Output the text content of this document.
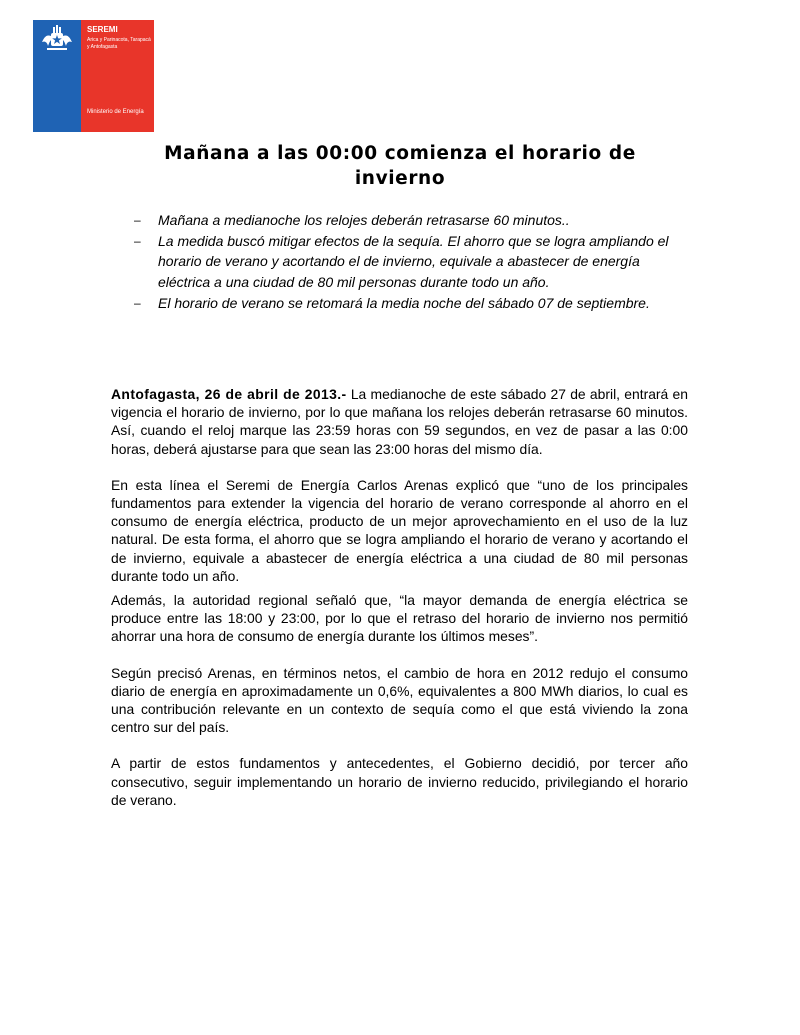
SEREMI
Arica y Parinacota, Tarapacá y Antofagasta
Ministerio de Energía
Mañana a las 00:00 comienza el horario de invierno
– Mañana a medianoche los relojes deberán retrasarse 60 minutos..
– La medida buscó mitigar efectos de la sequía. El ahorro que se logra ampliando el horario de verano y acortando el de invierno, equivale a abastecer de energía eléctrica a una ciudad de 80 mil personas durante todo un año.
– El horario de verano se retomará la media noche del sábado 07 de septiembre.

Antofagasta, 26 de abril de 2013.- La medianoche de este sábado 27 de abril, entrará en vigencia el horario de invierno, por lo que mañana los relojes deberán retrasarse 60 minutos. Así, cuando el reloj marque las 23:59 horas con 59 segundos, en vez de pasar a las 0:00 horas, deberá ajustarse para que sean las 23:00 horas del mismo día.

En esta línea el Seremi de Energía Carlos Arenas explicó que “uno de los principales fundamentos para extender la vigencia del horario de verano corresponde al ahorro en el consumo de energía eléctrica, producto de un mejor aprovechamiento en el uso de la luz natural. De esta forma, el ahorro que se logra ampliando el horario de verano y acortando el de invierno, equivale a abastecer de energía eléctrica a una ciudad de 80 mil personas durante todo un año.

Además, la autoridad regional señaló que, “la mayor demanda de energía eléctrica se produce entre las 18:00 y 23:00, por lo que el retraso del horario de invierno nos permitió ahorrar una hora de consumo de energía durante los últimos meses”.

Según precisó Arenas, en términos netos, el cambio de hora en 2012 redujo el consumo diario de energía en aproximadamente un 0,6%, equivalentes a 800 MWh diarios, lo cual es una contribución relevante en un contexto de sequía como el que está viviendo la zona centro sur del país.

A partir de estos fundamentos y antecedentes, el Gobierno decidió, por tercer año consecutivo, seguir implementando un horario de invierno reducido, privilegiando el horario de verano.
